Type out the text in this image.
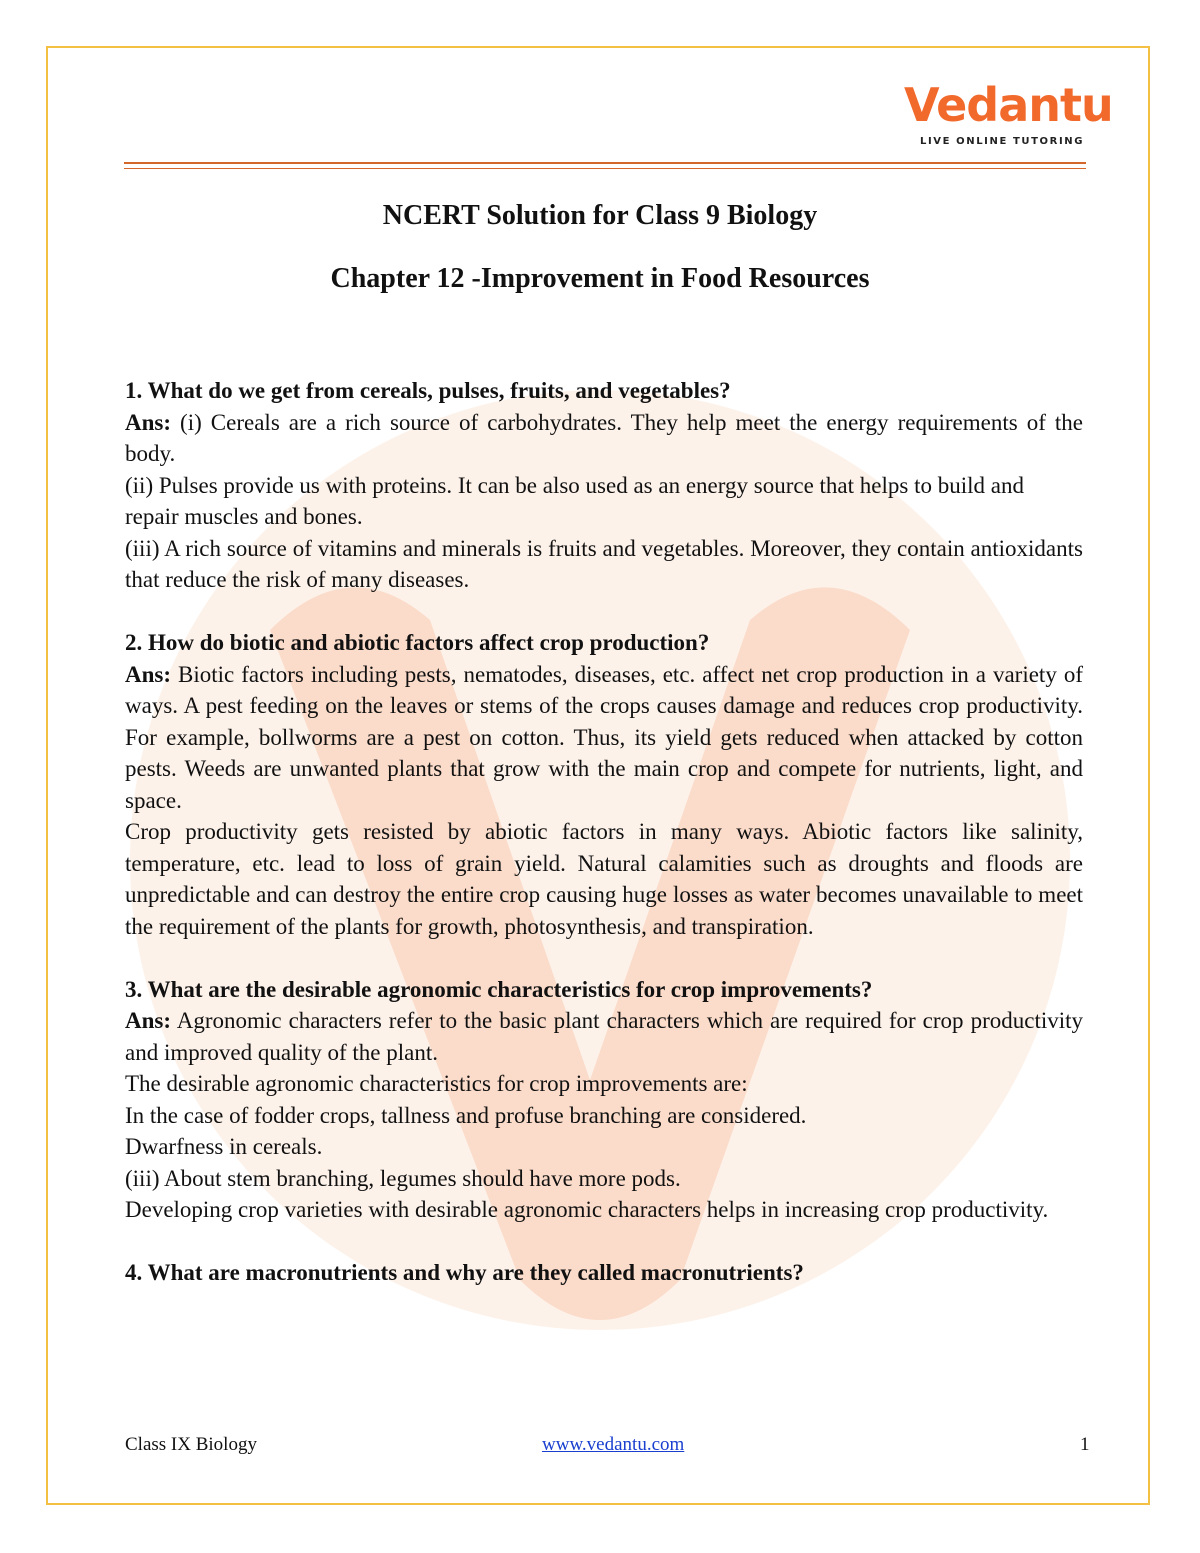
Vedantu
LIVE ONLINE TUTORING
NCERT Solution for Class 9 Biology
Chapter 12 -Improvement in Food Resources

1. What do we get from cereals, pulses, fruits, and vegetables?

Ans: (i) Cereals are a rich source of carbohydrates. They help meet the energy requirements of the body.

(ii) Pulses provide us with proteins. It can be also used as an energy source that helps to build and

repair muscles and bones.

(iii) A rich source of vitamins and minerals is fruits and vegetables. Moreover, they contain antioxidants that reduce the risk of many diseases.

2. How do biotic and abiotic factors affect crop production?

Ans: Biotic factors including pests, nematodes, diseases, etc. affect net crop production in a variety of ways. A pest feeding on the leaves or stems of the crops causes damage and reduces crop productivity. For example, bollworms are a pest on cotton. Thus, its yield gets reduced when attacked by cotton pests. Weeds are unwanted plants that grow with the main crop and compete for nutrients, light, and space.

Crop productivity gets resisted by abiotic factors in many ways. Abiotic factors like salinity, temperature, etc. lead to loss of grain yield. Natural calamities such as droughts and floods are unpredictable and can destroy the entire crop causing huge losses as water becomes unavailable to meet the requirement of the plants for growth, photosynthesis, and transpiration.

3. What are the desirable agronomic characteristics for crop improvements?

Ans: Agronomic characters refer to the basic plant characters which are required for crop productivity and improved quality of the plant.

The desirable agronomic characteristics for crop improvements are:

In the case of fodder crops, tallness and profuse branching are considered.

Dwarfness in cereals.

(iii) About stem branching, legumes should have more pods.

Developing crop varieties with desirable agronomic characters helps in increasing crop productivity.

4. What are macronutrients and why are they called macronutrients?

Class IX Biology	www.vedantu.com	1
